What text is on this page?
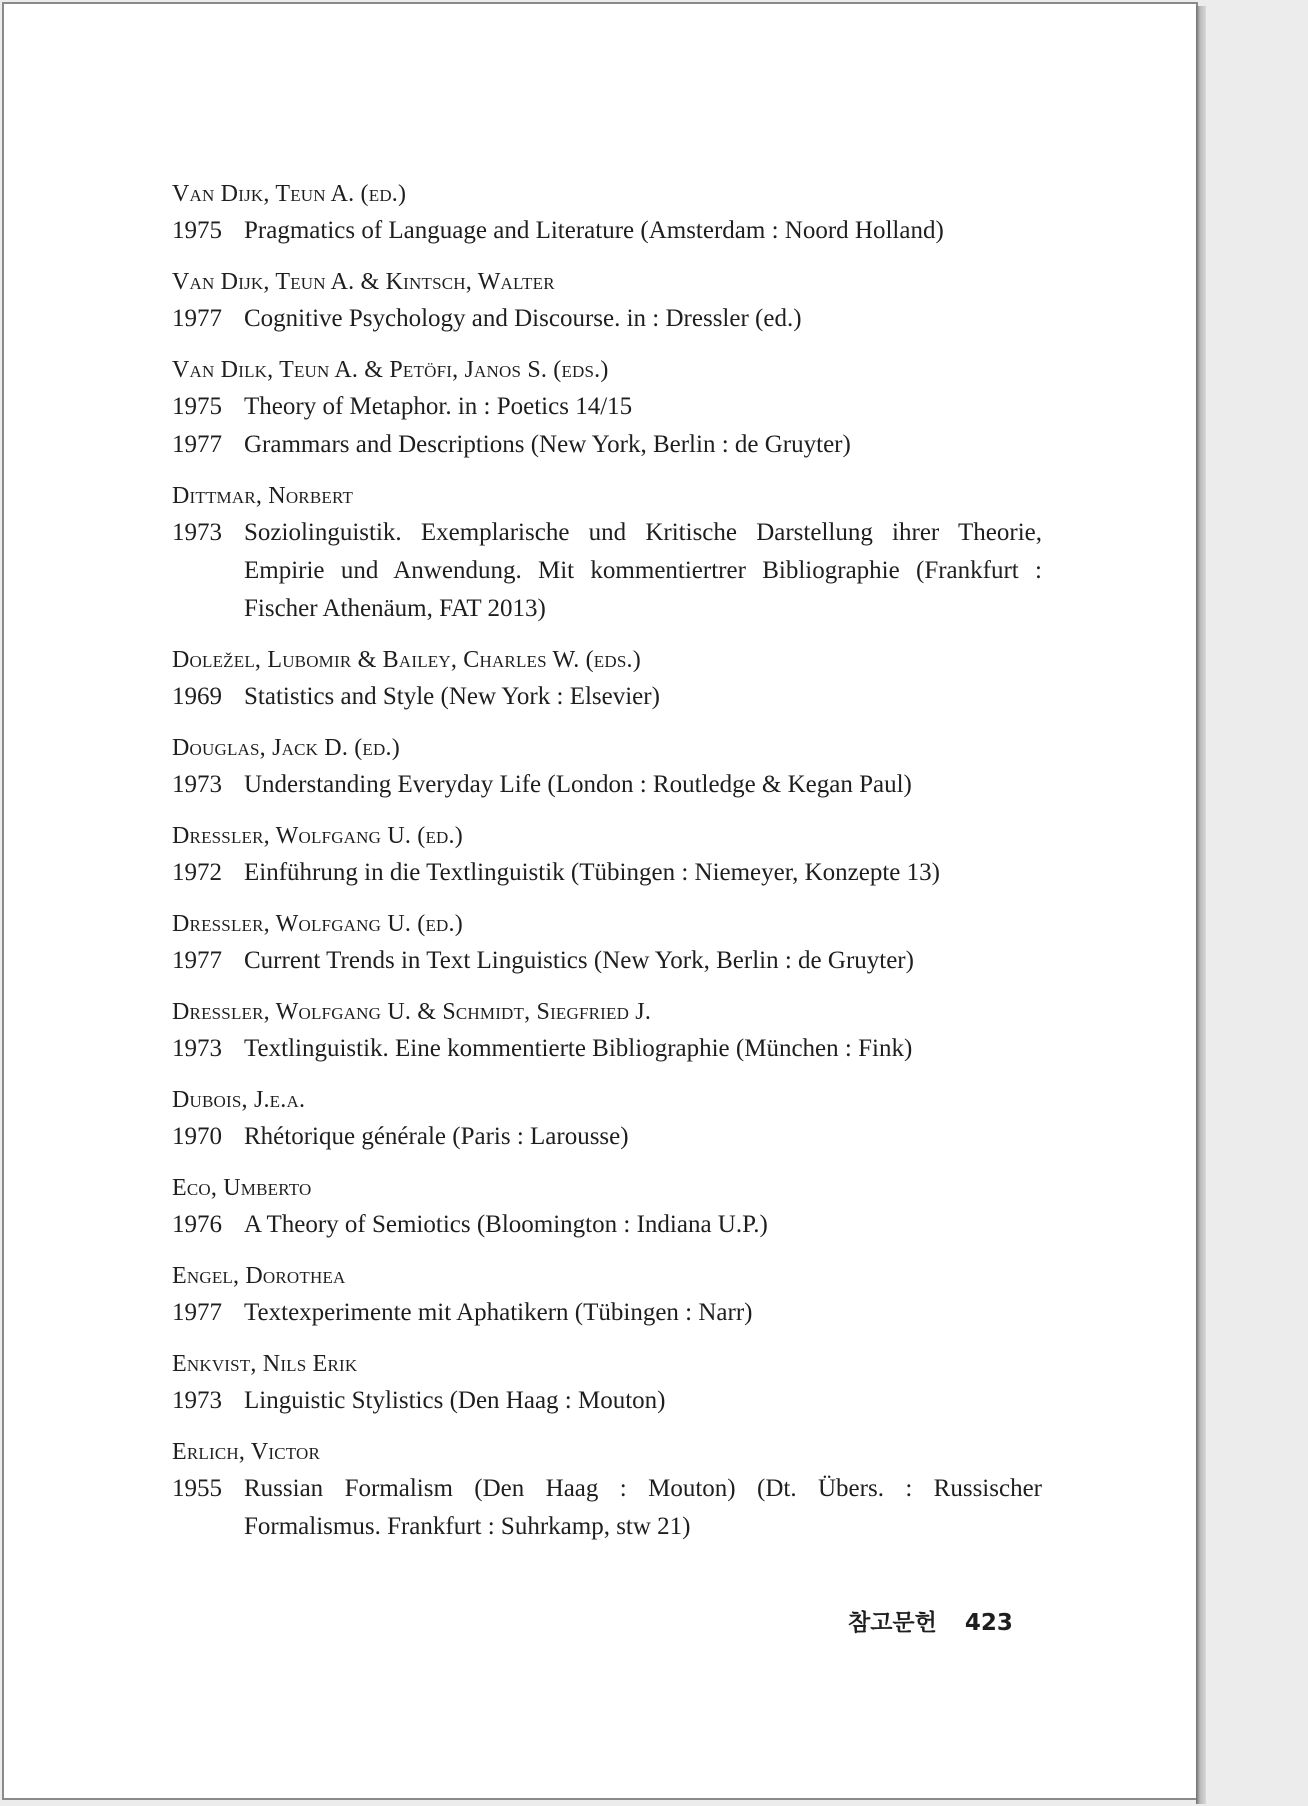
Van Dijk, Teun A. (ed.)
1975 Pragmatics of Language and Literature (Amsterdam : Noord Holland)
Van Dijk, Teun A. & Kintsch, Walter
1977 Cognitive Psychology and Discourse. in : Dressler (ed.)
Van Dilk, Teun A. & Petöfi, Janos S. (eds.)
1975 Theory of Metaphor. in : Poetics 14/15
1977 Grammars and Descriptions (New York, Berlin : de Gruyter)
Dittmar, Norbert
1973 Soziolinguistik. Exemplarische und Kritische Darstellung ihrer Theorie, Empirie und Anwendung. Mit kommentiertrer Bibliographie (Frankfurt : Fischer Athenäum, FAT 2013)
Doležel, Lubomir & Bailey, Charles W. (eds.)
1969 Statistics and Style (New York : Elsevier)
Douglas, Jack D. (ed.)
1973 Understanding Everyday Life (London : Routledge & Kegan Paul)
Dressler, Wolfgang U. (ed.)
1972 Einführung in die Textlinguistik (Tübingen : Niemeyer, Konzepte 13)
Dressler, Wolfgang U. (ed.)
1977 Current Trends in Text Linguistics (New York, Berlin : de Gruyter)
Dressler, Wolfgang U. & Schmidt, Siegfried J.
1973 Textlinguistik. Eine kommentierte Bibliographie (München : Fink)
Dubois, J.e.a.
1970 Rhétorique générale (Paris : Larousse)
Eco, Umberto
1976 A Theory of Semiotics (Bloomington : Indiana U.P.)
Engel, Dorothea
1977 Textexperimente mit Aphatikern (Tübingen : Narr)
Enkvist, Nils Erik
1973 Linguistic Stylistics (Den Haag : Mouton)
Erlich, Victor
1955 Russian Formalism (Den Haag : Mouton) (Dt. Übers. : Russischer Formalismus. Frankfurt : Suhrkamp, stw 21)
참고문헌 423
